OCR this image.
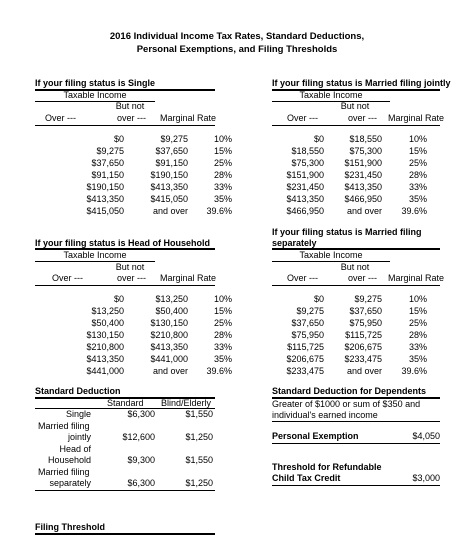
2016 Individual Income Tax Rates, Standard Deductions,
Personal Exemptions, and Filing Thresholds
If your filing status is Single
Taxable Income
But not
Over ---	over --- Marginal Rate
$0	$9,275	10%
$9,275	$37,650	15%
$37,650	$91,150	25%
$91,150	$190,150	28%
$190,150	$413,350	33%
$413,350	$415,050	35%
$415,050	and over	39.6%
If your filing status is Married filing jointly
Taxable Income
But not
Over ---	over --- Marginal Rate
$0	$18,550	10%
$18,550	$75,300	15%
$75,300	$151,900	25%
$151,900	$231,450	28%
$231,450	$413,350	33%
$413,350	$466,950	35%
$466,950	and over	39.6%
If your filing status is Head of Household
Taxable Income
But not
Over ---	over --- Marginal Rate
$0	$13,250	10%
$13,250	$50,400	15%
$50,400	$130,150	25%
$130,150	$210,800	28%
$210,800	$413,350	33%
$413,350	$441,000	35%
$441,000	and over	39.6%
If your filing status is Married filing
separately
Taxable Income
But not
Over ---	over --- Marginal Rate
$0	$9,275	10%
$9,275	$37,650	15%
$37,650	$75,950	25%
$75,950	$115,725	28%
$115,725	$206,675	33%
$206,675	$233,475	35%
$233,475	and over	39.6%
Standard Deduction
Standard Blind/Elderly
Single	$6,300	$1,550
Married filing
jointly	$12,600	$1,250
Head of
Household	$9,300	$1,550
Married filing
separately	$6,300	$1,250
Standard Deduction for Dependents
Greater of $1000 or sum of $350 and
individual's earned income
Personal Exemption	$4,050
Threshold for Refundable
Child Tax Credit	$3,000
Filing Threshold
